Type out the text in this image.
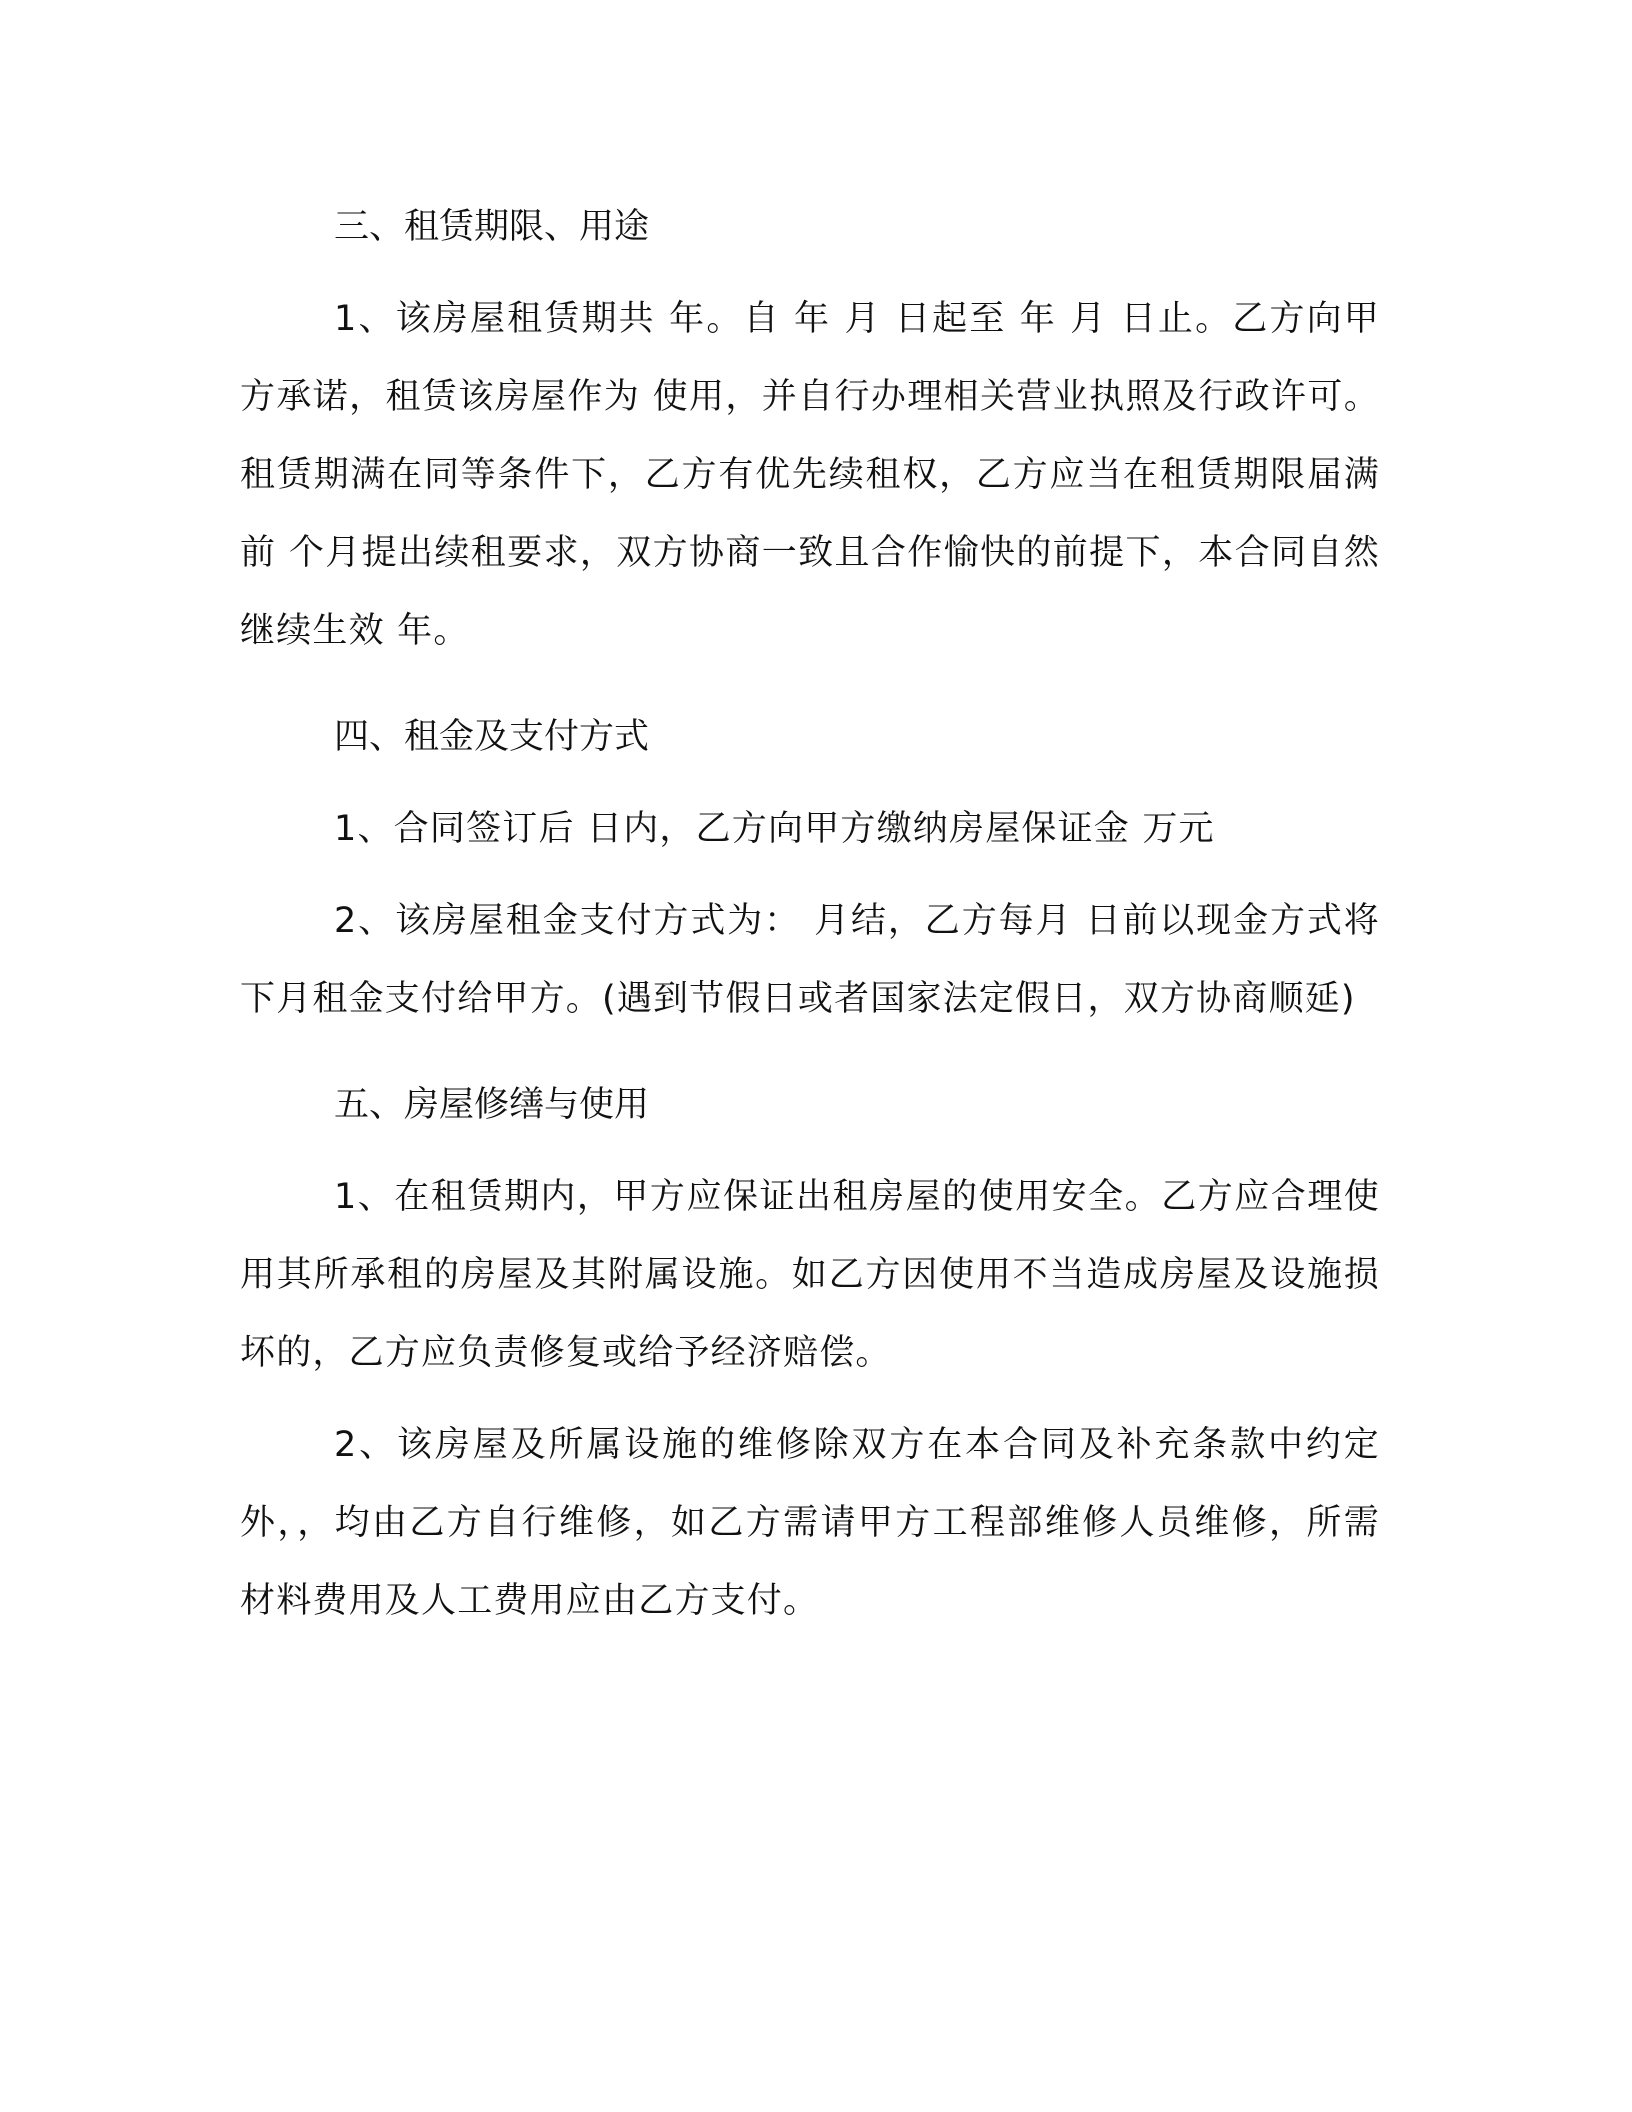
三、租赁期限、用途

1、该房屋租赁期共 年。自 年 月 日起至 年 月 日止。乙方向甲方承诺，租赁该房屋作为 使用，并自行办理相关营业执照及行政许可。租赁期满在同等条件下，乙方有优先续租权，乙方应当在租赁期限届满前 个月提出续租要求，双方协商一致且合作愉快的前提下，本合同自然继续生效 年。

四、租金及支付方式

1、合同签订后 日内，乙方向甲方缴纳房屋保证金 万元

2、该房屋租金支付方式为： 月结，乙方每月 日前以现金方式将下月租金支付给甲方。(遇到节假日或者国家法定假日，双方协商顺延)

五、房屋修缮与使用

1、在租赁期内，甲方应保证出租房屋的使用安全。乙方应合理使用其所承租的房屋及其附属设施。如乙方因使用不当造成房屋及设施损坏的，乙方应负责修复或给予经济赔偿。

2、该房屋及所属设施的维修除双方在本合同及补充条款中约定外，，均由乙方自行维修，如乙方需请甲方工程部维修人员维修，所需材料费用及人工费用应由乙方支付。
